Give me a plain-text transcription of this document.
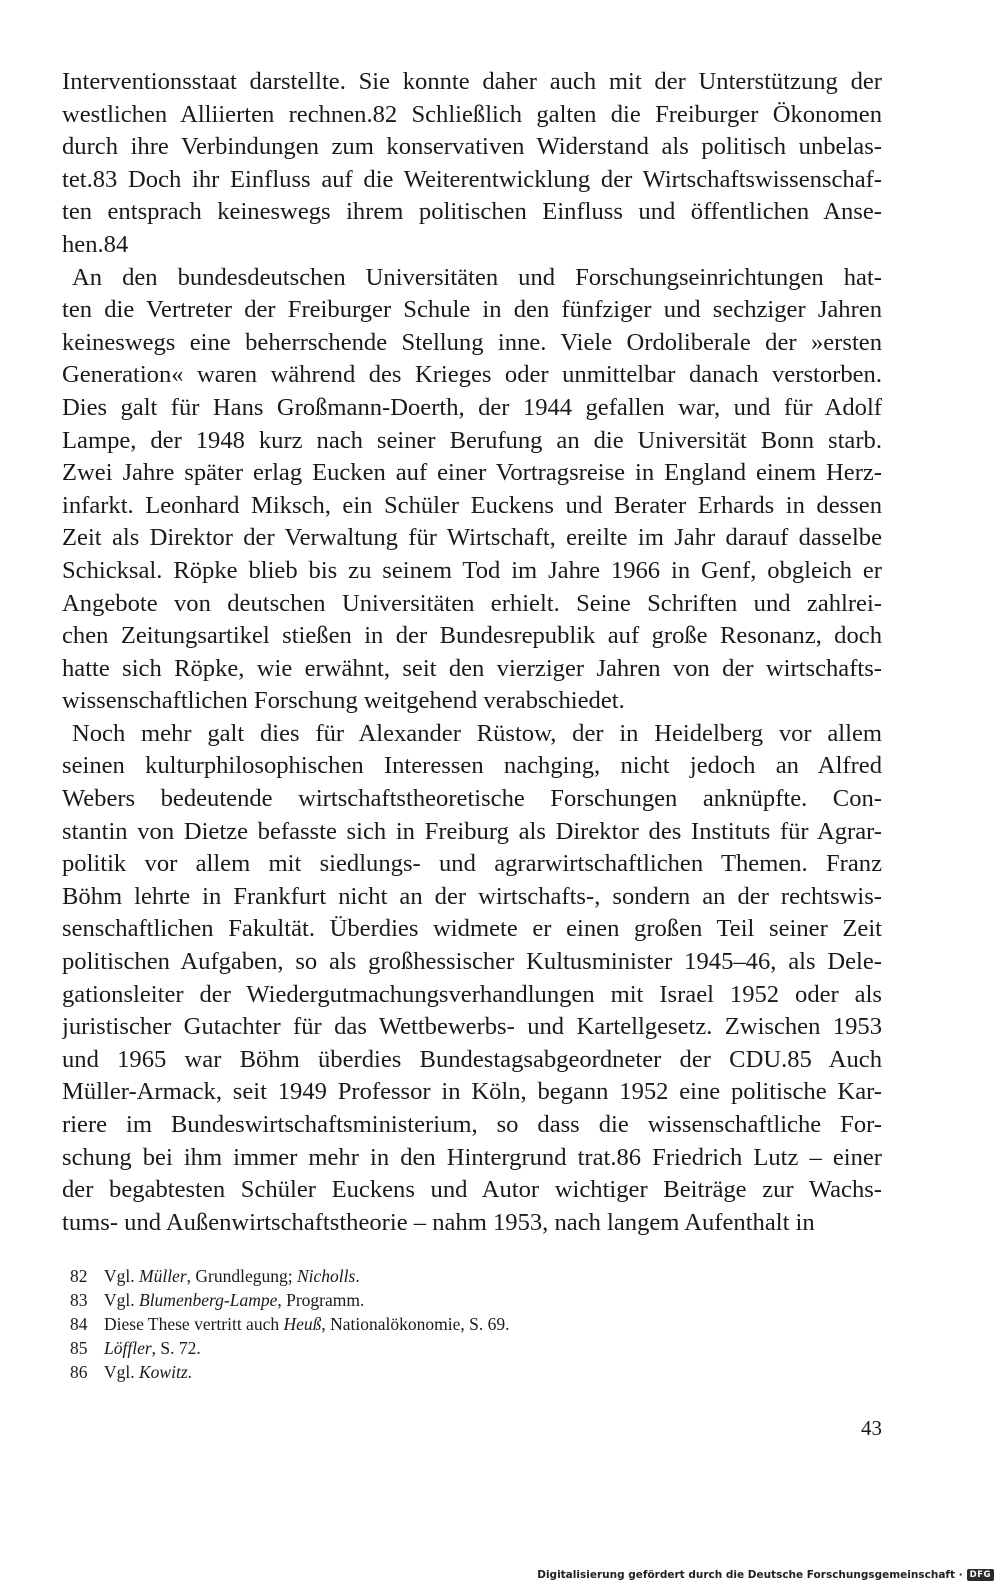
Interventionsstaat darstellte. Sie konnte daher auch mit der Unterstützung der
westlichen Alliierten rechnen.82 Schließlich galten die Freiburger Ökonomen
durch ihre Verbindungen zum konservativen Widerstand als politisch unbelas-
tet.83 Doch ihr Einfluss auf die Weiterentwicklung der Wirtschaftswissenschaf-
ten entsprach keineswegs ihrem politischen Einfluss und öffentlichen Anse-
hen.84
An den bundesdeutschen Universitäten und Forschungseinrichtungen hat-
ten die Vertreter der Freiburger Schule in den fünfziger und sechziger Jahren
keineswegs eine beherrschende Stellung inne. Viele Ordoliberale der »ersten
Generation« waren während des Krieges oder unmittelbar danach verstorben.
Dies galt für Hans Großmann-Doerth, der 1944 gefallen war, und für Adolf
Lampe, der 1948 kurz nach seiner Berufung an die Universität Bonn starb.
Zwei Jahre später erlag Eucken auf einer Vortragsreise in England einem Herz-
infarkt. Leonhard Miksch, ein Schüler Euckens und Berater Erhards in dessen
Zeit als Direktor der Verwaltung für Wirtschaft, ereilte im Jahr darauf dasselbe
Schicksal. Röpke blieb bis zu seinem Tod im Jahre 1966 in Genf, obgleich er
Angebote von deutschen Universitäten erhielt. Seine Schriften und zahlrei-
chen Zeitungsartikel stießen in der Bundesrepublik auf große Resonanz, doch
hatte sich Röpke, wie erwähnt, seit den vierziger Jahren von der wirtschafts-
wissenschaftlichen Forschung weitgehend verabschiedet.
Noch mehr galt dies für Alexander Rüstow, der in Heidelberg vor allem
seinen kulturphilosophischen Interessen nachging, nicht jedoch an Alfred
Webers bedeutende wirtschaftstheoretische Forschungen anknüpfte. Con-
stantin von Dietze befasste sich in Freiburg als Direktor des Instituts für Agrar-
politik vor allem mit siedlungs- und agrarwirtschaftlichen Themen. Franz
Böhm lehrte in Frankfurt nicht an der wirtschafts-, sondern an der rechtswis-
senschaftlichen Fakultät. Überdies widmete er einen großen Teil seiner Zeit
politischen Aufgaben, so als großhessischer Kultusminister 1945–46, als Dele-
gationsleiter der Wiedergutmachungsverhandlungen mit Israel 1952 oder als
juristischer Gutachter für das Wettbewerbs- und Kartellgesetz. Zwischen 1953
und 1965 war Böhm überdies Bundestagsabgeordneter der CDU.85 Auch
Müller-Armack, seit 1949 Professor in Köln, begann 1952 eine politische Kar-
riere im Bundeswirtschaftsministerium, so dass die wissenschaftliche For-
schung bei ihm immer mehr in den Hintergrund trat.86 Friedrich Lutz – einer
der begabtesten Schüler Euckens und Autor wichtiger Beiträge zur Wachs-
tums- und Außenwirtschaftstheorie – nahm 1953, nach langem Aufenthalt in
82 Vgl. Müller, Grundlegung; Nicholls.
83 Vgl. Blumenberg-Lampe, Programm.
84 Diese These vertritt auch Heuß, Nationalökonomie, S. 69.
85 Löffler, S. 72.
86 Vgl. Kowitz.
43
Digitalisierung gefördert durch die Deutsche Forschungsgemeinschaft · DFG
